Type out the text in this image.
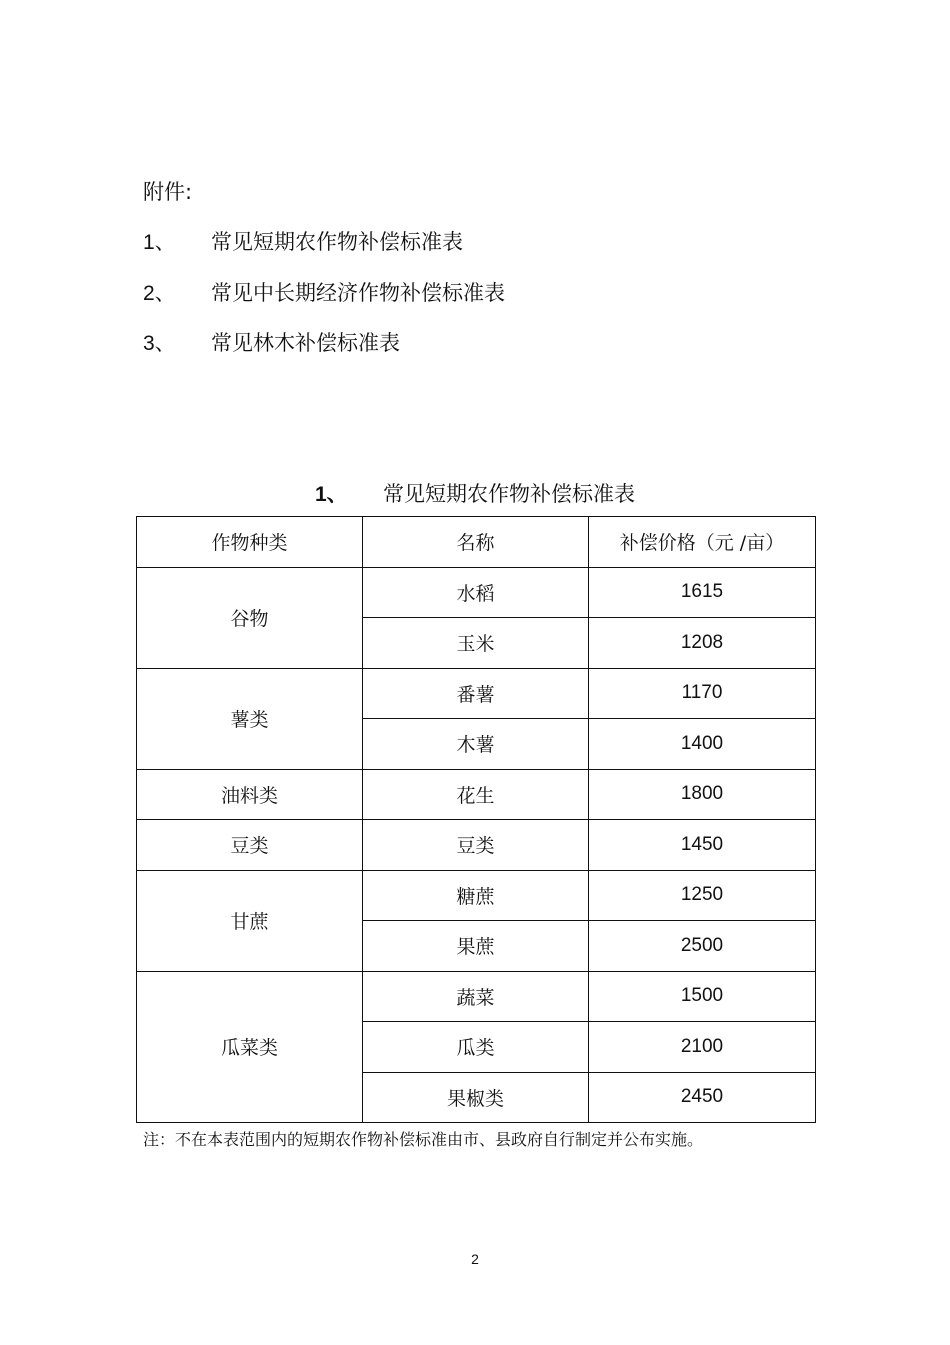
附件:
1、	常见短期农作物补偿标准表
2、	常见中长期经济作物补偿标准表
3、	常见林木补偿标准表
1、 常见短期农作物补偿标准表
作物种类	名称	补偿价格（元 /亩）
谷物	水稻	1615
	玉米	1208
薯类	番薯	1170
	木薯	1400
油料类	花生	1800
豆类	豆类	1450
甘蔗	糖蔗	1250
	果蔗	2500
瓜菜类	蔬菜	1500
	瓜类	2100
	果椒类	2450
注：不在本表范围内的短期农作物补偿标准由市、县政府自行制定并公布实施。
2
